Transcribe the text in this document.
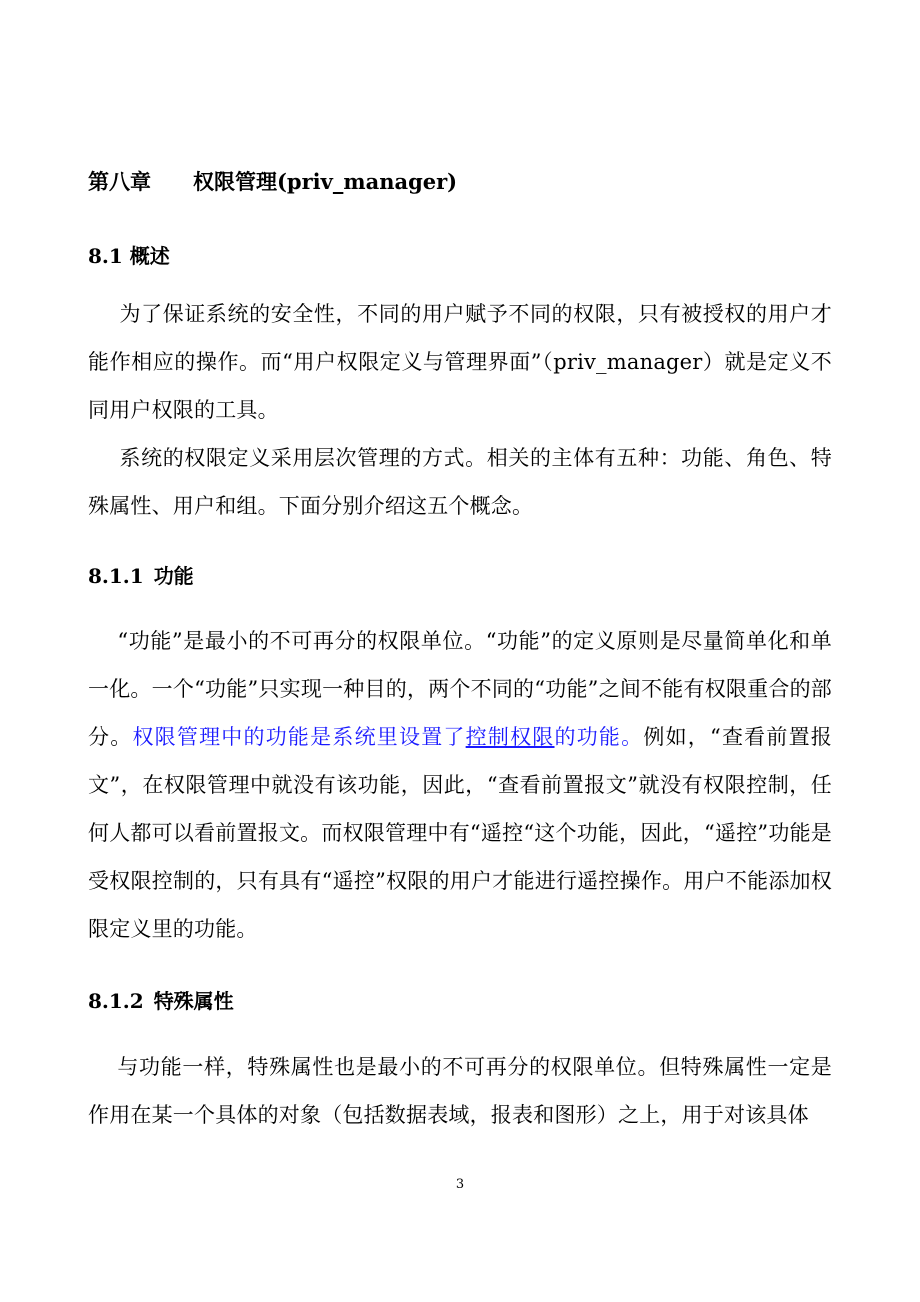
第八章 权限管理(priv_manager)
8.1 概述

为了保证系统的安全性，不同的用户赋予不同的权限，只有被授权的用户才能作相应的操作。而“用户权限定义与管理界面”（priv_manager）就是定义不同用户权限的工具。

系统的权限定义采用层次管理的方式。相关的主体有五种：功能、角色、特殊属性、用户和组。下面分别介绍这五个概念。

8.1.1 功能

“功能”是最小的不可再分的权限单位。“功能”的定义原则是尽量简单化和单一化。一个“功能”只实现一种目的，两个不同的“功能”之间不能有权限重合的部分。权限管理中的功能是系统里设置了控制权限的功能。例如，“查看前置报文”，在权限管理中就没有该功能，因此，“查看前置报文”就没有权限控制，任何人都可以看前置报文。而权限管理中有“遥控“这个功能，因此，“遥控”功能是受权限控制的，只有具有“遥控”权限的用户才能进行遥控操作。用户不能添加权限定义里的功能。

8.1.2 特殊属性

与功能一样，特殊属性也是最小的不可再分的权限单位。但特殊属性一定是作用在某一个具体的对象（包括数据表域，报表和图形）之上，用于对该具体

3
